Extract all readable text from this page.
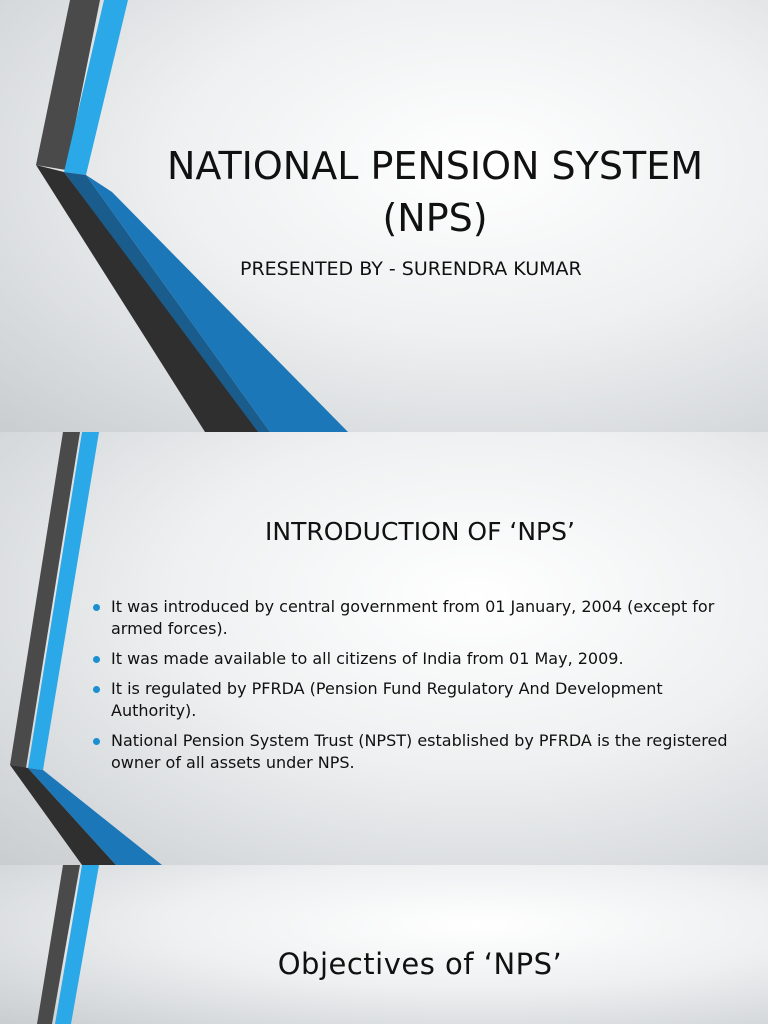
NATIONAL PENSION SYSTEM (NPS)

PRESENTED BY - SURENDRA KUMAR

INTRODUCTION OF ‘NPS’
It was introduced by central government from 01 January, 2004 (except for armed forces).
It was made available to all citizens of India from 01 May, 2009.
It is regulated by PFRDA (Pension Fund Regulatory And Development Authority).
National Pension System Trust (NPST) established by PFRDA is the registered owner of all assets under NPS.
Objectives of ‘NPS’
